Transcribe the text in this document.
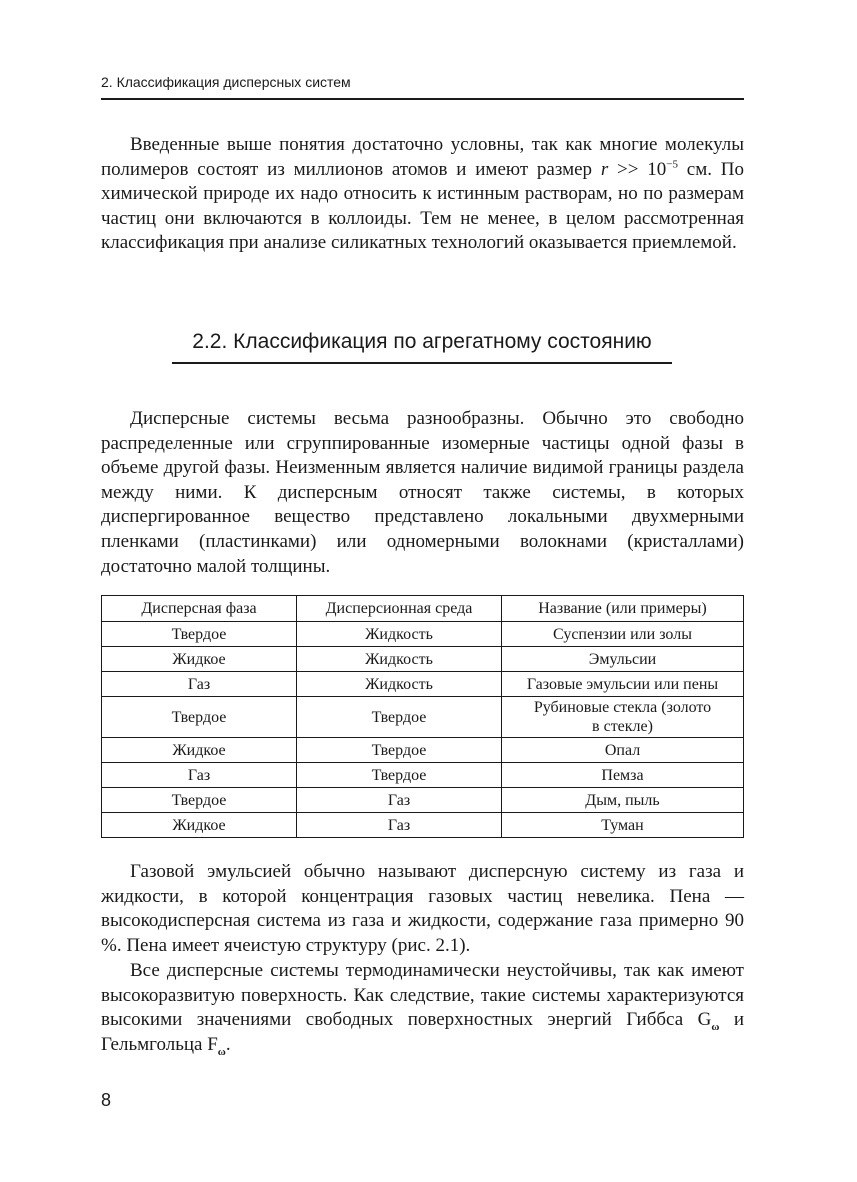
2. Классификация дисперсных систем

Введенные выше понятия достаточно условны, так как многие молекулы полимеров состоят из миллионов атомов и имеют размер $r >> 10^{-5}$ см. По химической природе их надо относить к истинным растворам, но по размерам частиц они включаются в коллоиды. Тем не менее, в целом рассмотренная классификация при анализе силикатных технологий оказывается приемлемой.

2.2. Классификация по агрегатному состоянию

Дисперсные системы весьма разнообразны. Обычно это свободно распределенные или сгруппированные изомерные частицы одной фазы в объеме другой фазы. Неизменным является наличие видимой границы раздела между ними. К дисперсным относят также системы, в которых диспергированное вещество представлено локальными двухмерными пленками (пластинками) или одномерными волокнами (кристаллами) достаточно малой толщины.

Дисперсная фаза	Дисперсионная среда	Название (или примеры)
Твердое	Жидкость	Суспензии или золы
Жидкое	Жидкость	Эмульсии
Газ	Жидкость	Газовые эмульсии или пены
Твердое	Твердое	Рубиновые стекла (золото в стекле)
Жидкое	Твердое	Опал
Газ	Твердое	Пемза
Твердое	Газ	Дым, пыль
Жидкое	Газ	Туман

Газовой эмульсией обычно называют дисперсную систему из газа и жидкости, в которой концентрация газовых частиц невелика. Пена — высокодисперсная система из газа и жидкости, содержание газа примерно 90 %. Пена имеет ячеистую структуру (рис. 2.1).

Все дисперсные системы термодинамически неустойчивы, так как имеют высокоразвитую поверхность. Как следствие, такие системы характеризуются высокими значениями свободных поверхностных энергий Гиббса $G_\omega$ и Гельмгольца $F_\omega$.

8
